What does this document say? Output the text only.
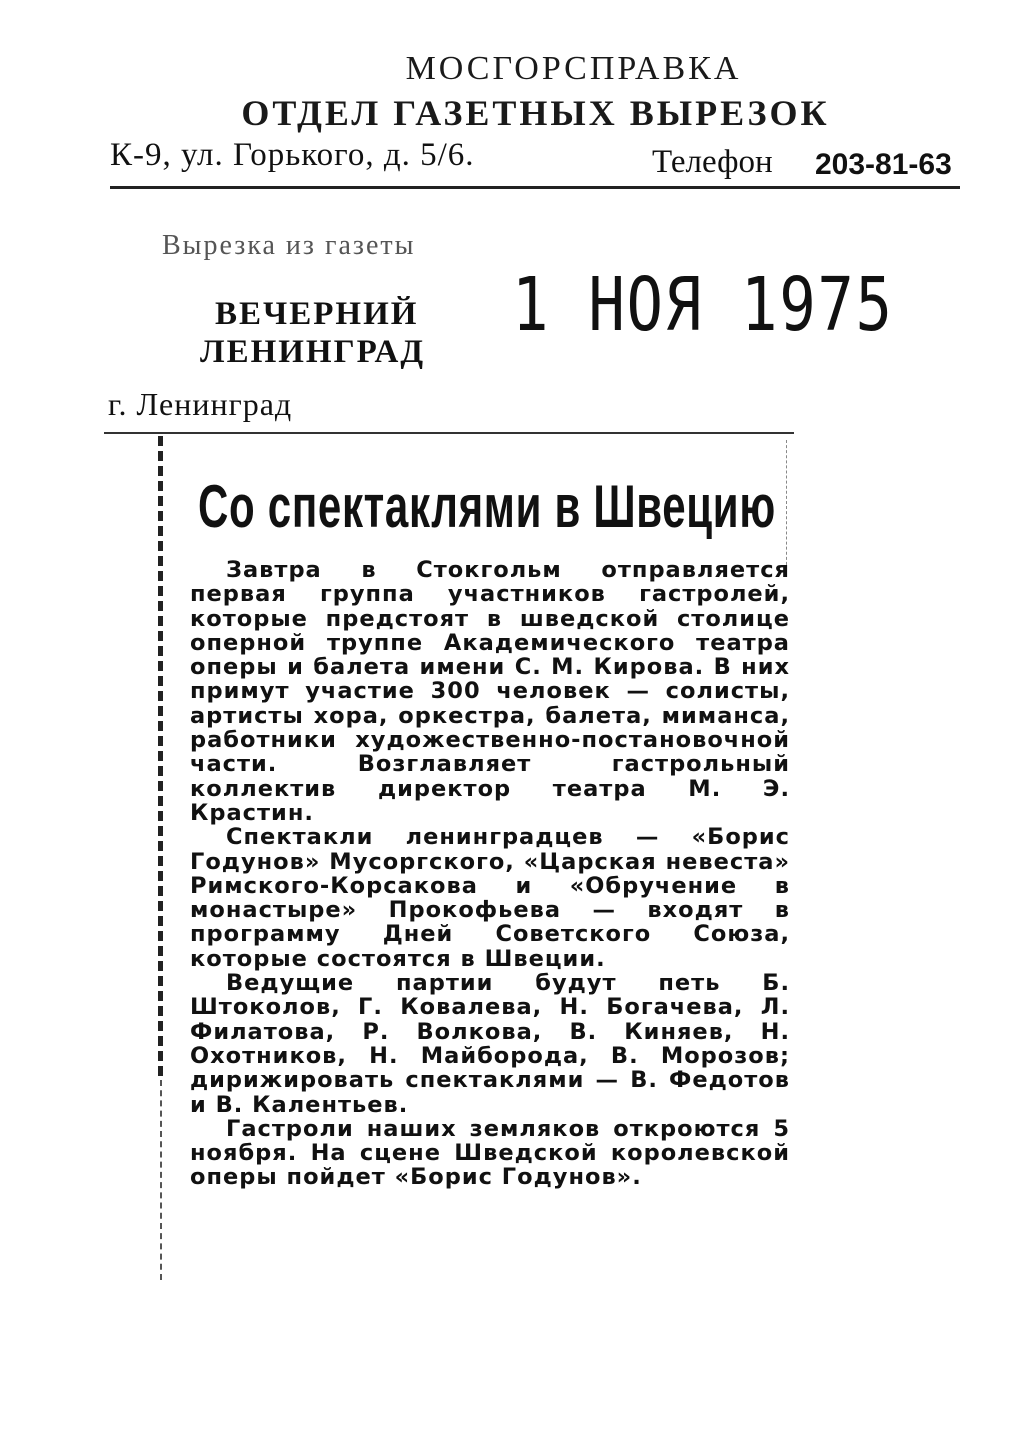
МОСГОРСПРАВКА
ОТДЕЛ ГАЗЕТНЫХ ВЫРЕЗОК
К-9, ул. Горького, д. 5/6.	Телефон 203-81-63
Вырезка из газеты
ВЕЧЕРНИЙ
ЛЕНИНГРАД
1 НОЯ 1975
г. Ленинград
Со спектаклями в Швецию

Завтра в Стокгольм отправляется первая группа участников гастролей, которые предстоят в шведской столице оперной труппе Академического театра оперы и балета имени С. М. Кирова. В них примут участие 300 человек — солисты, артисты хора, оркестра, балета, миманса, работники художественно-постановочной части. Возглавляет гастрольный коллектив директор театра М. Э. Крастин.

Спектакли ленинградцев — «Борис Годунов» Мусоргского, «Царская невеста» Римского-Корсакова и «Обручение в монастыре» Прокофьева — входят в программу Дней Советского Союза, которые состоятся в Швеции.

Ведущие партии будут петь Б. Штоколов, Г. Ковалева, Н. Богачева, Л. Филатова, Р. Волкова, В. Киняев, Н. Охотников, Н. Майборода, В. Морозов; дирижировать спектаклями — В. Федотов и В. Калентьев.

Гастроли наших земляков откроются 5 ноября. На сцене Шведской королевской оперы пойдет «Борис Годунов».
